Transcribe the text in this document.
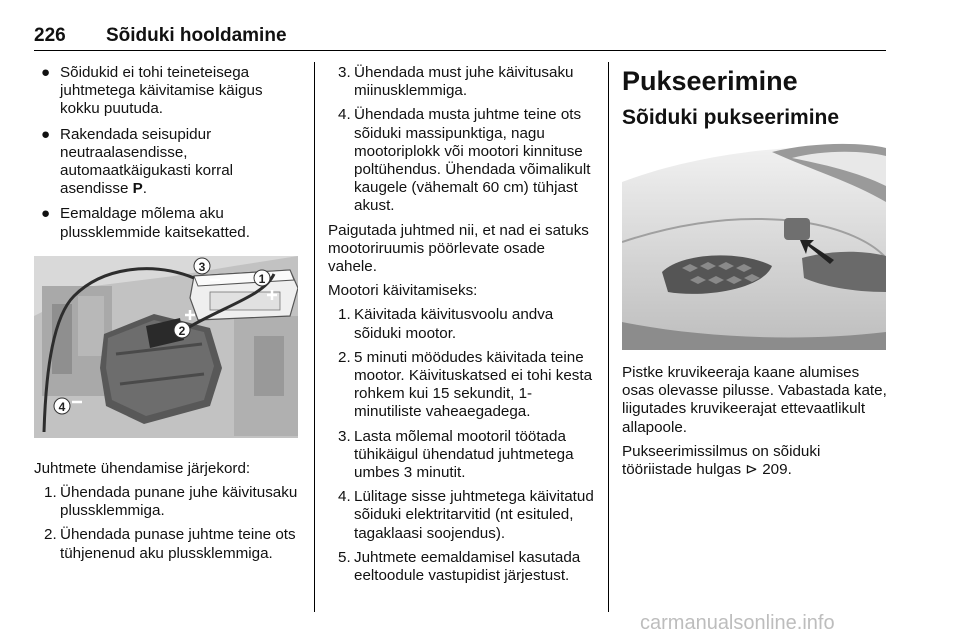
226 Sõiduki hooldamine
● Sõidukid ei tohi teineteisega juhtmetega käivitamise käigus kokku puutuda.
● Rakendada seisupidur neutraalasendisse, automaatkäigukasti korral asendisse P.
● Eemaldage mõlema aku plussklemmide kaitsekatted.
1
2
3
4
Juhtmete ühendamise järjekord:
1. Ühendada punane juhe käivitusaku plussklemmiga.
2. Ühendada punase juhtme teine ots tühjenenud aku plussklemmiga.
3. Ühendada must juhe käivitusaku miinusklemmiga.
4. Ühendada musta juhtme teine ots sõiduki massipunktiga, nagu mootoriplokk või mootori kinnituse poltühendus. Ühendada võimalikult kaugele (vähemalt 60 cm) tühjast akust.
Paigutada juhtmed nii, et nad ei satuks mootoriruumis pöörlevate osade vahele.
Mootori käivitamiseks:
1. Käivitada käivitusvoolu andva sõiduki mootor.
2. 5 minuti möödudes käivitada teine mootor. Käivituskatsed ei tohi kesta rohkem kui 15 sekundit, 1-minutiliste vaheaegadega.
3. Lasta mõlemal mootoril töötada tühikäigul ühendatud juhtmetega umbes 3 minutit.
4. Lülitage sisse juhtmetega käivitatud sõiduki elektritarvitid (nt esituled, tagaklaasi soojendus).
5. Juhtmete eemaldamisel kasutada eeltoodule vastupidist järjestust.
Pukseerimine
Sõiduki pukseerimine
Pistke kruvikeeraja kaane alumises osas olevasse pilusse. Vabastada kate, liigutades kruvikeerajat ettevaatlikult allapoole.
Pukseerimissilmus on sõiduki tööriistade hulgas ⊳ 209.
carmanualsonline.info
